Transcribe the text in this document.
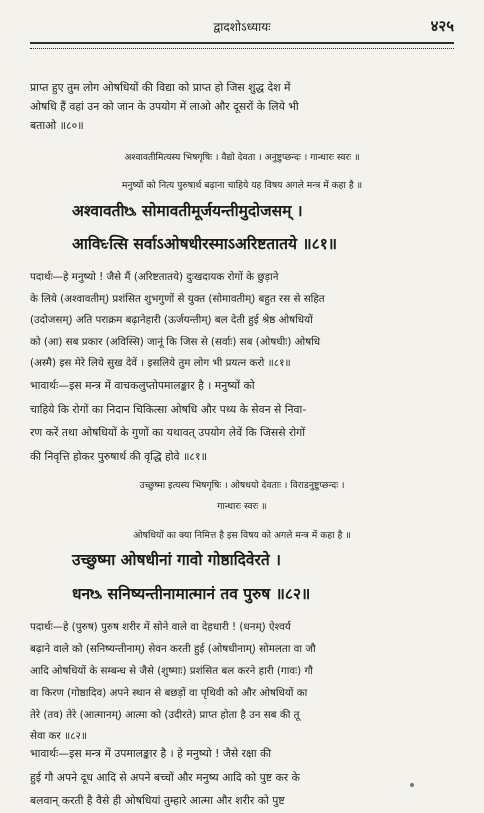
द्वादशोऽध्यायः	४२५
प्राप्त हुए तुम लोग ओषधियों की विद्या को प्राप्त हो जिस शुद्ध देश में
ओषधि हैं वहां उन को जान के उपयोग में लाओ और दूसरों के लिये भी
बताओ ॥८०॥
अश्वावतीमित्यस्य भिषगृषिः । वैद्यो देवता । अनुष्टुप्छन्दः । गान्धारः स्वरः ॥
मनुष्यों को नित्य पुरुषार्थ बढ़ाना चाहिये यह विषय अगले मन्त्र में कहा है ॥
अश्वावतीᳬ सोमावतीमूर्जयन्तीमुदोजसम् ।
आविᳮत्सि सर्वाऽओषधीरस्माऽअरिष्टतातये ॥८१॥
पदार्थः—हे मनुष्यो ! जैसे मैं (अरिष्टतातये) दुःखदायक रोगों के छुड़ाने
के लिये (अश्वावतीम्) प्रशंसित शुभगुणों से युक्त (सोमावतीम्) बहुत रस से सहित
(उदोजसम्) अति पराक्रम बढ़ानेहारी (ऊर्जयन्तीम्) बल देती हुई श्रेष्ठ ओषधियों
को (आ) सब प्रकार (अविस्सि) जानूं कि जिस से (सर्वाः) सब (ओषधीः) ओषधि
(अस्मै) इस मेरे लिये सुख देवें । इसलिये तुम लोग भी प्रयत्न करो ॥८१॥
भावार्थः—इस मन्त्र में वाचकलुप्तोपमालङ्कार है । मनुष्यों को
चाहिये कि रोगों का निदान चिकित्सा ओषधि और पथ्य के सेवन से निवा-
रण करें तथा ओषधियों के गुणों का यथावत् उपयोग लेवें कि जिससे रोगों
की निवृत्ति होकर पुरुषार्थ की वृद्धि होवे ॥८१॥
उच्छुष्मा इत्यस्य भिषगृषिः । ओषधयो देवताः । विराडनुष्टुप्छन्दः ।
गान्धारः स्वरः ॥
ओषधियों का क्या निमित्त है इस विषय को अगले मन्त्र में कहा है ॥
उच्छुष्मा ओषधीनां गावो गोष्ठादिवेरते ।
धनᳬ सनिष्यन्तीनामात्मानं तव पुरुष ॥८२॥
पदार्थः—हे (पुरुष) पुरुष शरीर में सोने वाले वा देहधारी ! (धनम्) ऐश्वर्य
बढ़ाने वाले को (सनिष्यन्तीनाम्) सेवन करती हुई (ओषधीनाम्) सोमलता वा जौ
आदि ओषधियों के सम्बन्ध से जैसे (शुष्माः) प्रशंसित बल करने हारी (गावः) गौ
वा किरण (गोष्ठादिव) अपने स्थान से बछड़ों वा पृथिवी को और ओषधियों का
तेरे (तव) तेरे (आत्मानम्) आत्मा को (उदीरते) प्राप्त होता है उन सब की तू
सेवा कर ॥८२॥
भावार्थः—इस मन्त्र में उपमालङ्कार है । हे मनुष्यो ! जैसे रक्षा की
हुई गौ अपने दूध आदि से अपने बच्चों और मनुष्य आदि को पुष्ट कर के
बलवान् करती है वैसे ही ओषधियां तुम्हारे आत्मा और शरीर को पुष्ट
